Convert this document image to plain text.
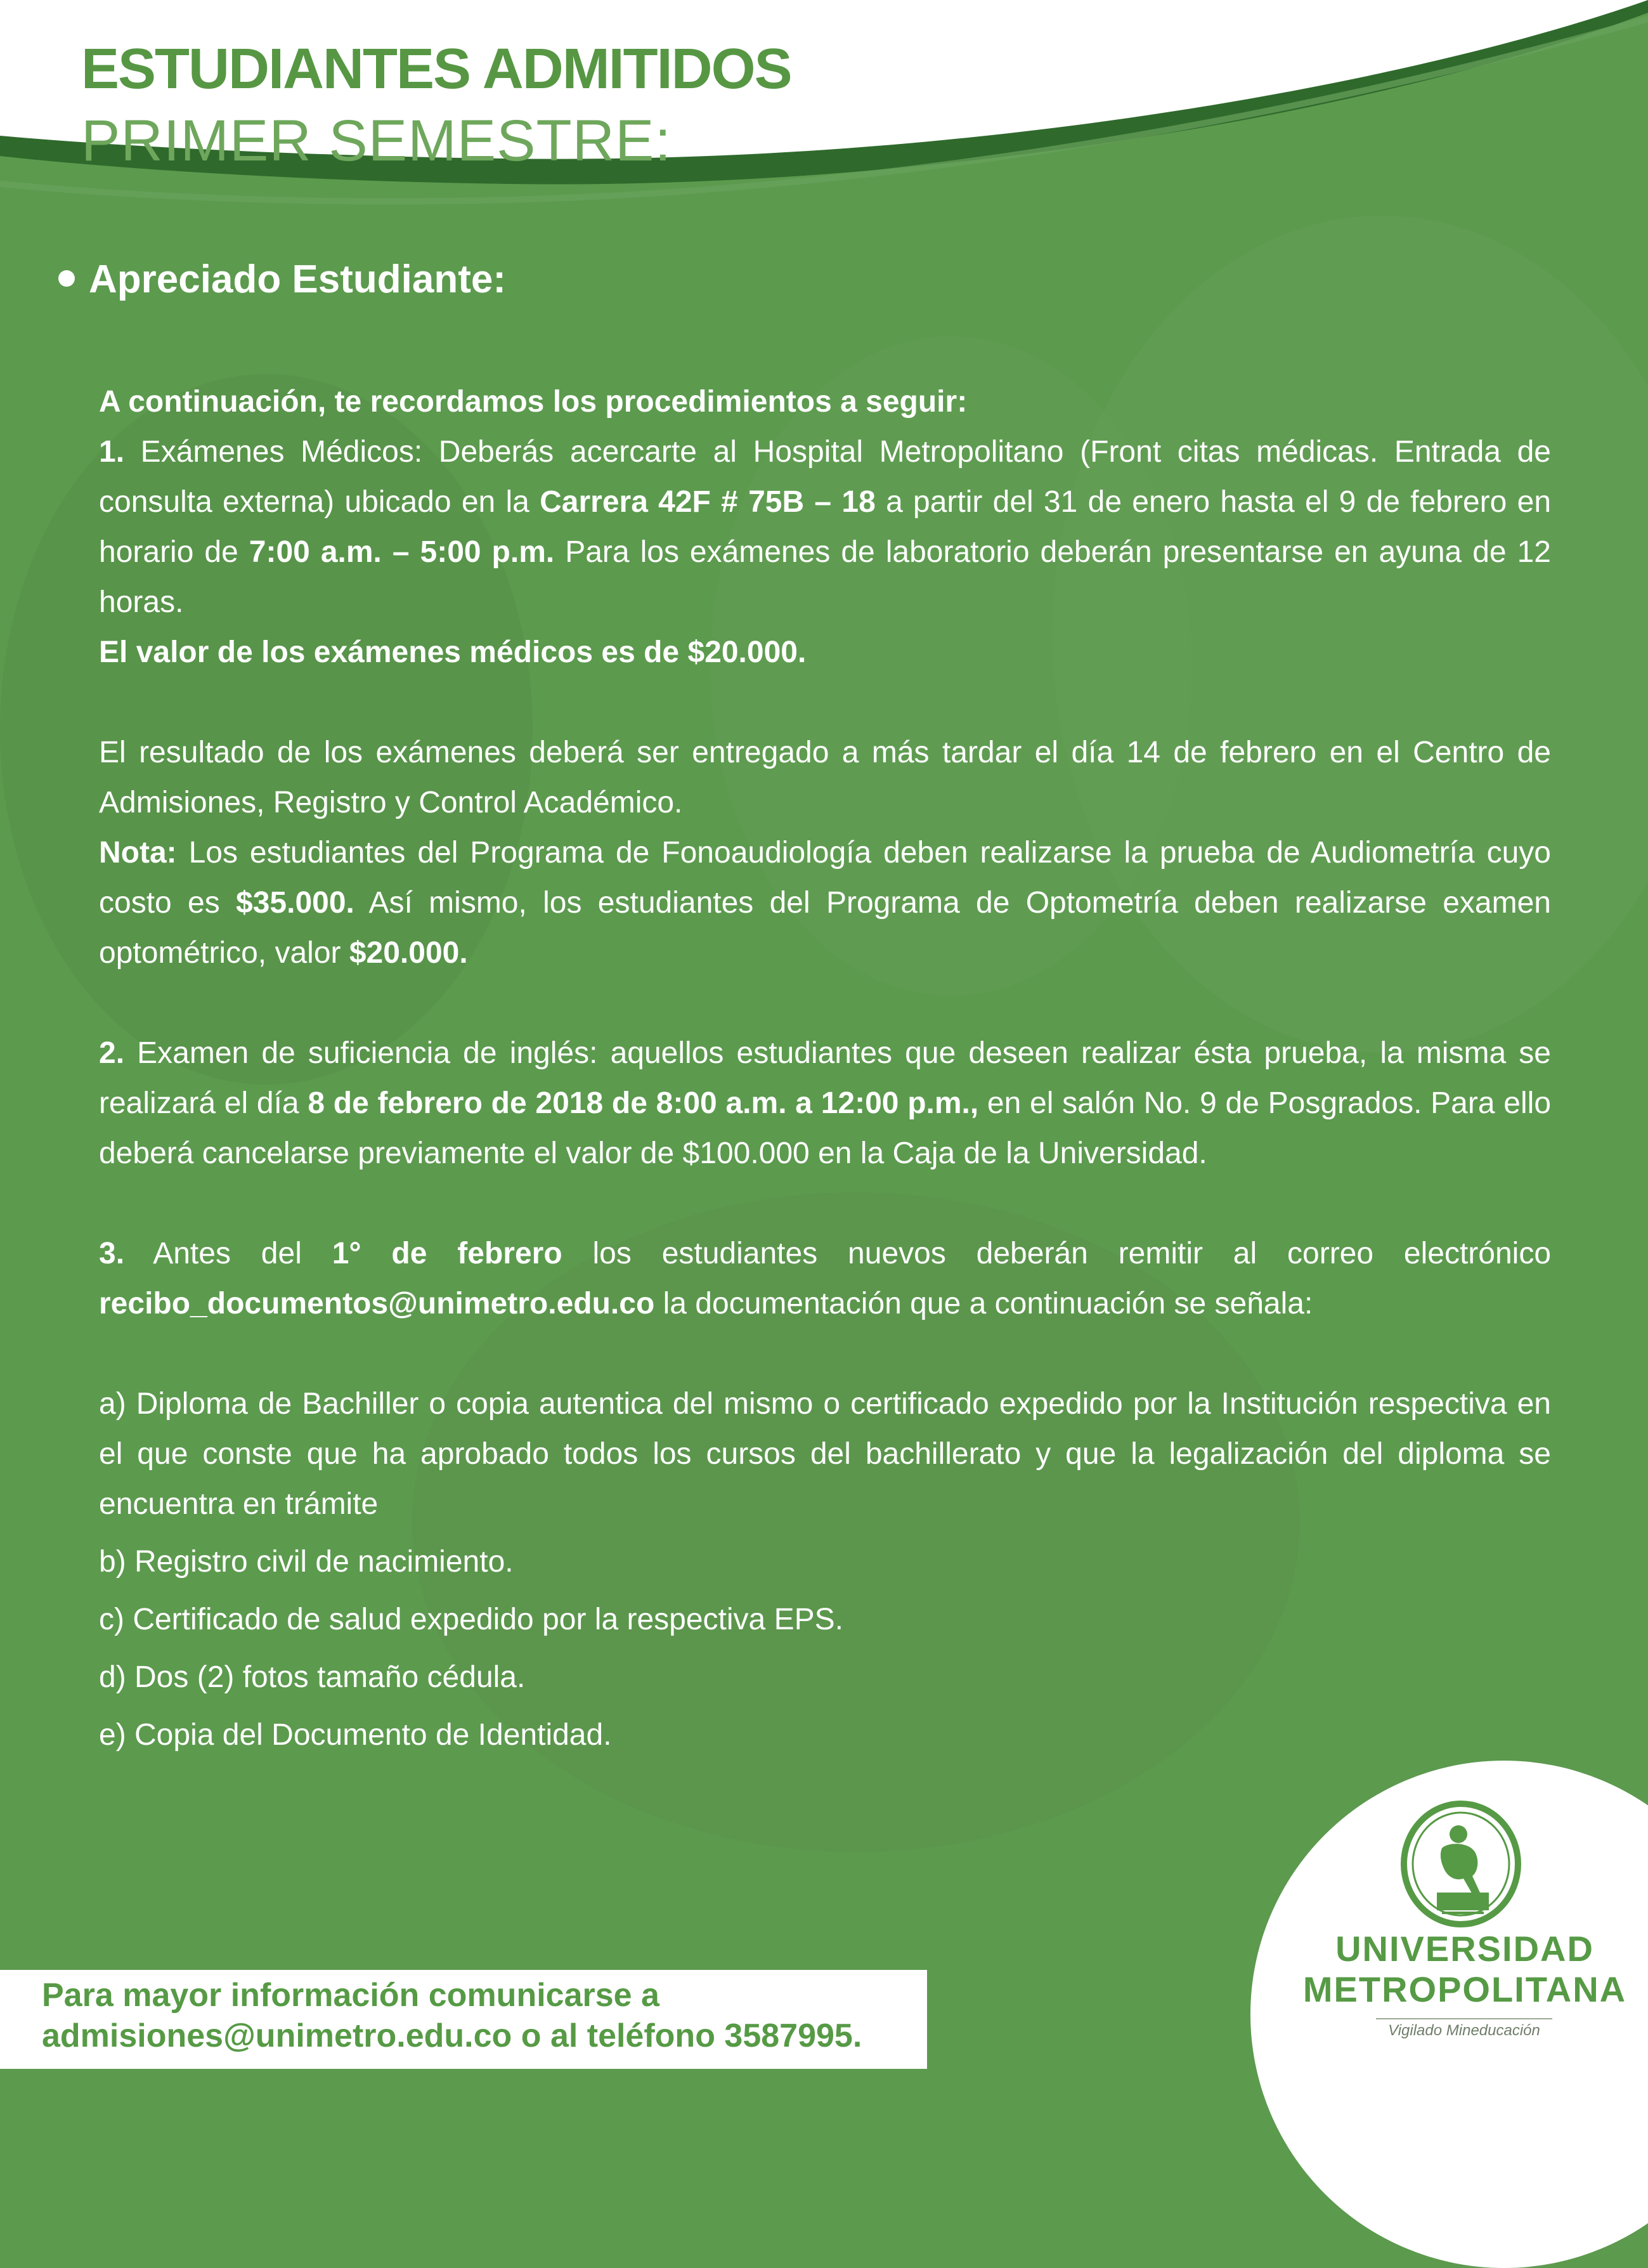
ESTUDIANTES ADMITIDOS
PRIMER SEMESTRE:
Apreciado Estudiante:

A continuación, te recordamos los procedimientos a seguir:

1. Exámenes Médicos: Deberás acercarte al Hospital Metropolitano (Front citas médicas. Entrada de consulta externa) ubicado en la Carrera 42F # 75B – 18 a partir del 31 de enero hasta el 9 de febrero en horario de 7:00 a.m. – 5:00 p.m. Para los exámenes de laboratorio deberán presentarse en ayuna de 12 horas.

El valor de los exámenes médicos es de $20.000.

El resultado de los exámenes deberá ser entregado a más tardar el día 14 de febrero en el Centro de Admisiones, Registro y Control Académico.

Nota: Los estudiantes del Programa de Fonoaudiología deben realizarse la prueba de Audiometría cuyo costo es $35.000. Así mismo, los estudiantes del Programa de Optometría deben realizarse examen optométrico, valor $20.000.

2. Examen de suficiencia de inglés: aquellos estudiantes que deseen realizar ésta prueba, la misma se realizará el día 8 de febrero de 2018 de 8:00 a.m. a 12:00 p.m., en el salón No. 9 de Posgrados. Para ello deberá cancelarse previamente el valor de $100.000 en la Caja de la Universidad.

3. Antes del 1° de febrero los estudiantes nuevos deberán remitir al correo electrónico recibo_documentos@unimetro.edu.co la documentación que a continuación se señala:

a) Diploma de Bachiller o copia autentica del mismo o certificado expedido por la Institución respectiva en el que conste que ha aprobado todos los cursos del bachillerato y que la legalización del diploma se encuentra en trámite

b) Registro civil de nacimiento.

c) Certificado de salud expedido por la respectiva EPS.

d) Dos (2) fotos tamaño cédula.

e) Copia del Documento de Identidad.

Para mayor información comunicarse a
admisiones@unimetro.edu.co o al teléfono 3587995.
UNIVERSIDAD
METROPOLITANA
Vigilado Mineducación
